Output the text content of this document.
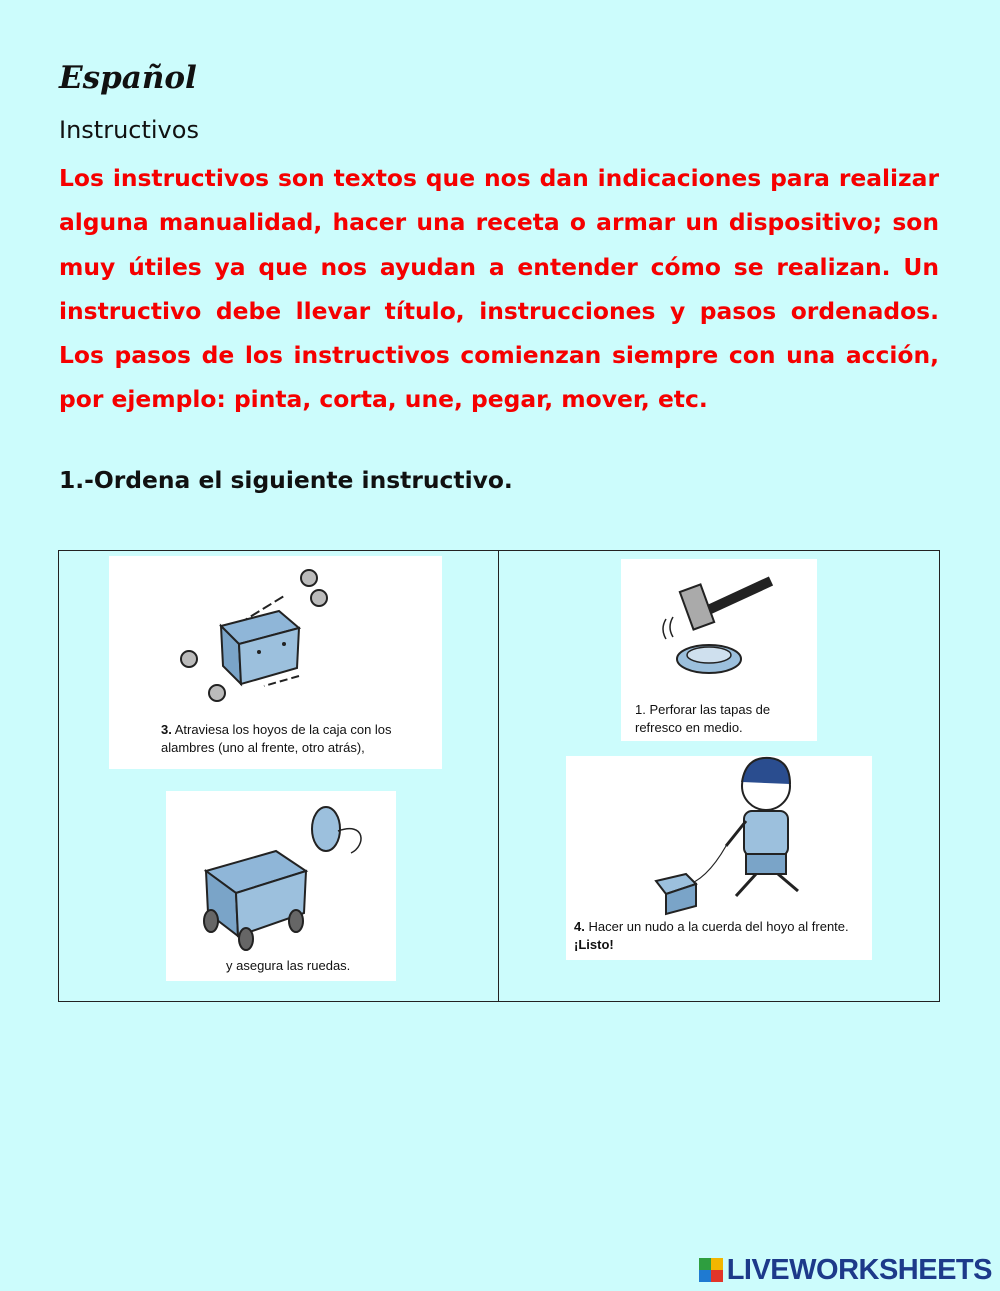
Español
Instructivos

Los instructivos son textos que nos dan indicaciones para realizar alguna manualidad, hacer una receta o armar un dispositivo; son muy útiles ya que nos ayudan a entender cómo se realizan. Un instructivo debe llevar título, instrucciones y pasos ordenados. Los pasos de los instructivos comienzan siempre con una acción, por ejemplo: pinta, corta, une, pegar, mover, etc.

1.-Ordena el siguiente instructivo.
3. Atraviesa los hoyos de la caja con los alambres (uno al frente, otro atrás),
y asegura las ruedas.
1. Perforar las tapas de refresco en medio.
4. Hacer un nudo a la cuerda del hoyo al frente. ¡Listo!
LIVEWORKSHEETS
